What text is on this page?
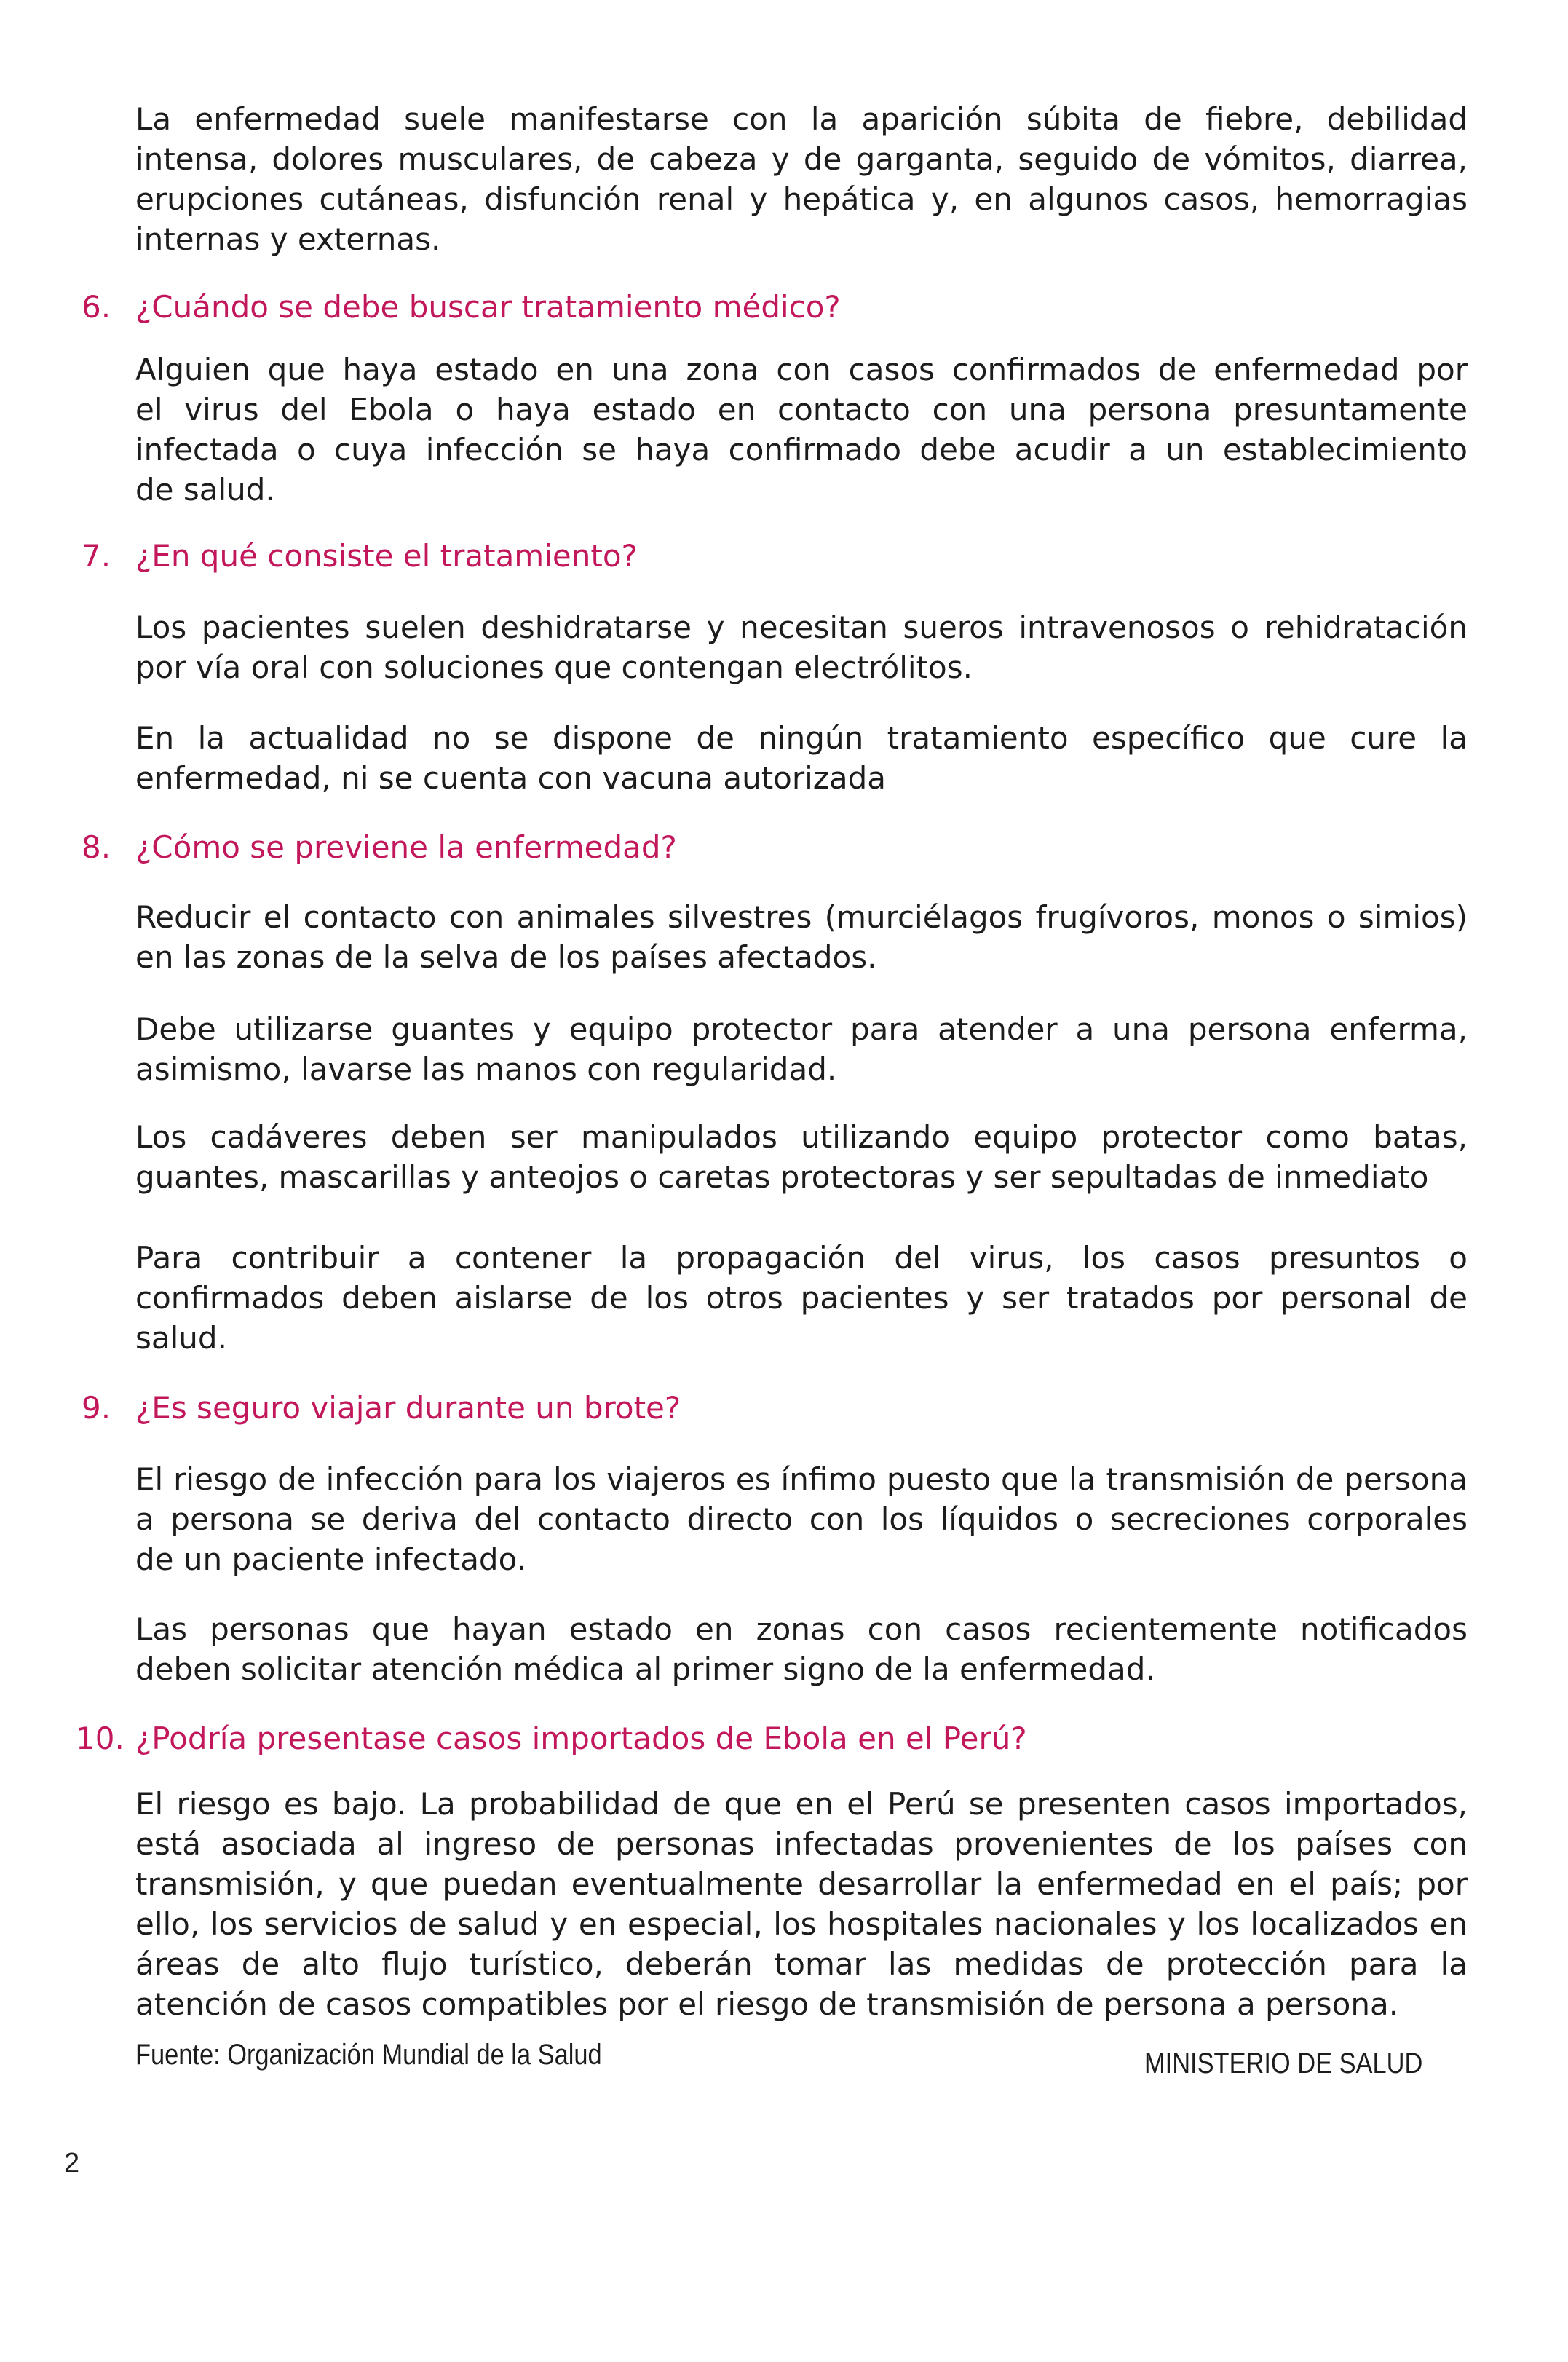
La enfermedad suele manifestarse con la aparición súbita de fiebre, debilidad
intensa, dolores musculares, de cabeza y de garganta, seguido de vómitos, diarrea,
erupciones cutáneas, disfunción renal y hepática y, en algunos casos, hemorragias
internas y externas.

6. ¿Cuándo se debe buscar tratamiento médico?

Alguien que haya estado en una zona con casos confirmados de enfermedad por
el virus del Ebola o haya estado en contacto con una persona presuntamente
infectada o cuya infección se haya confirmado debe acudir a un establecimiento
de salud.

7. ¿En qué consiste el tratamiento?

Los pacientes suelen deshidratarse y necesitan sueros intravenosos o rehidratación
por vía oral con soluciones que contengan electrólitos.

En la actualidad no se dispone de ningún tratamiento específico que cure la
enfermedad, ni se cuenta con vacuna autorizada

8. ¿Cómo se previene la enfermedad?

Reducir el contacto con animales silvestres (murciélagos frugívoros, monos o simios)
en las zonas de la selva de los países afectados.

Debe utilizarse guantes y equipo protector para atender a una persona enferma,
asimismo, lavarse las manos con regularidad.

Los cadáveres deben ser manipulados utilizando equipo protector como batas,
guantes, mascarillas y anteojos o caretas protectoras y ser sepultadas de inmediato

Para contribuir a contener la propagación del virus, los casos presuntos o
confirmados deben aislarse de los otros pacientes y ser tratados por personal de
salud.

9. ¿Es seguro viajar durante un brote?

El riesgo de infección para los viajeros es ínfimo puesto que la transmisión de persona
a persona se deriva del contacto directo con los líquidos o secreciones corporales
de un paciente infectado.

Las personas que hayan estado en zonas con casos recientemente notificados
deben solicitar atención médica al primer signo de la enfermedad.

10. ¿Podría presentase casos importados de Ebola en el Perú?

El riesgo es bajo. La probabilidad de que en el Perú se presenten casos importados,
está asociada al ingreso de personas infectadas provenientes de los países con
transmisión, y que puedan eventualmente desarrollar la enfermedad en el país; por
ello, los servicios de salud y en especial, los hospitales nacionales y los localizados en
áreas de alto flujo turístico, deberán tomar las medidas de protección para la
atención de casos compatibles por el riesgo de transmisión de persona a persona.

Fuente: Organización Mundial de la Salud	MINISTERIO DE SALUD
2
